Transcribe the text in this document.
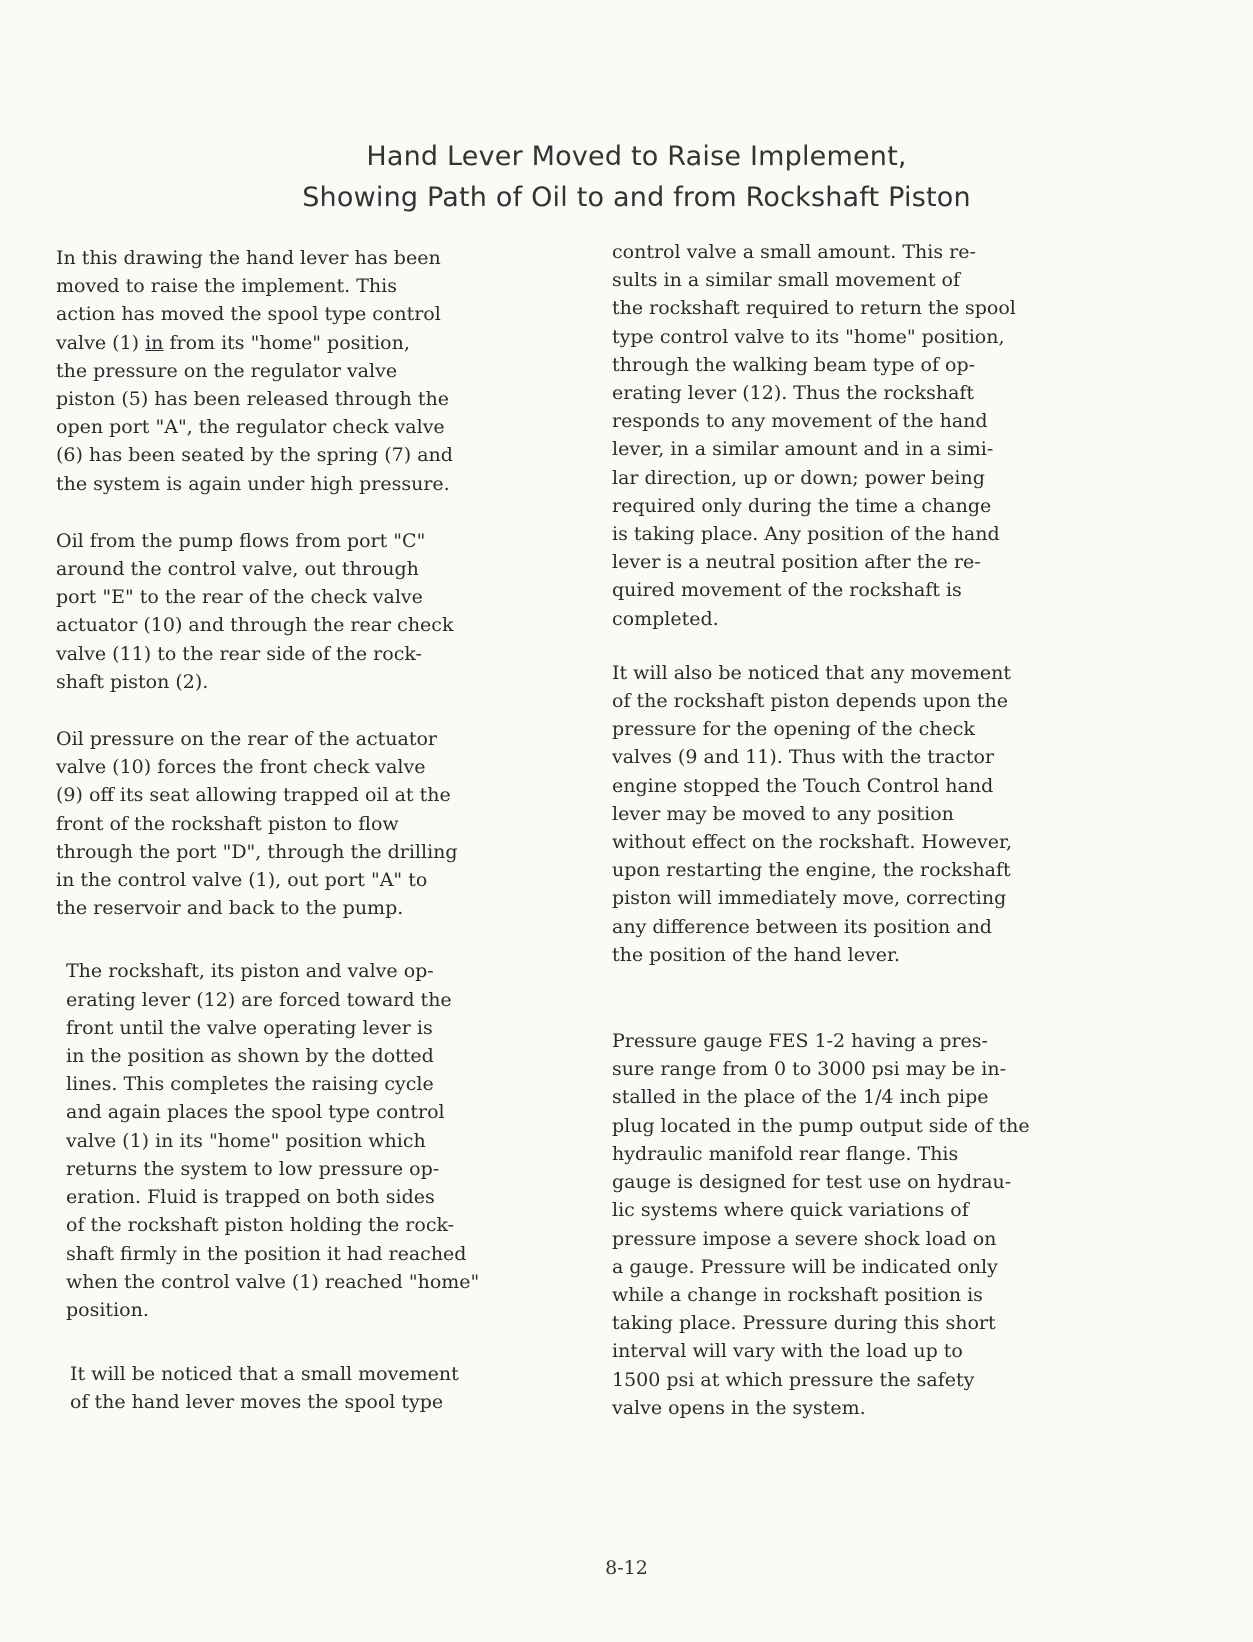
Hand Lever Moved to Raise Implement,
Showing Path of Oil to and from Rockshaft Piston

In this drawing the hand lever has been
moved to raise the implement. This
action has moved the spool type control
valve (1) in from its "home" position,
the pressure on the regulator valve
piston (5) has been released through the
open port "A", the regulator check valve
(6) has been seated by the spring (7) and
the system is again under high pressure.

Oil from the pump flows from port "C"
around the control valve, out through
port "E" to the rear of the check valve
actuator (10) and through the rear check
valve (11) to the rear side of the rock-
shaft piston (2).

Oil pressure on the rear of the actuator
valve (10) forces the front check valve
(9) off its seat allowing trapped oil at the
front of the rockshaft piston to flow
through the port "D", through the drilling
in the control valve (1), out port "A" to
the reservoir and back to the pump.

The rockshaft, its piston and valve op-
erating lever (12) are forced toward the
front until the valve operating lever is
in the position as shown by the dotted
lines. This completes the raising cycle
and again places the spool type control
valve (1) in its "home" position which
returns the system to low pressure op-
eration. Fluid is trapped on both sides
of the rockshaft piston holding the rock-
shaft firmly in the position it had reached
when the control valve (1) reached "home"
position.

It will be noticed that a small movement
of the hand lever moves the spool type

control valve a small amount. This re-
sults in a similar small movement of
the rockshaft required to return the spool
type control valve to its "home" position,
through the walking beam type of op-
erating lever (12). Thus the rockshaft
responds to any movement of the hand
lever, in a similar amount and in a simi-
lar direction, up or down; power being
required only during the time a change
is taking place. Any position of the hand
lever is a neutral position after the re-
quired movement of the rockshaft is
completed.

It will also be noticed that any movement
of the rockshaft piston depends upon the
pressure for the opening of the check
valves (9 and 11). Thus with the tractor
engine stopped the Touch Control hand
lever may be moved to any position
without effect on the rockshaft. However,
upon restarting the engine, the rockshaft
piston will immediately move, correcting
any difference between its position and
the position of the hand lever.

Pressure gauge FES 1-2 having a pres-
sure range from 0 to 3000 psi may be in-
stalled in the place of the 1/4 inch pipe
plug located in the pump output side of the
hydraulic manifold rear flange. This
gauge is designed for test use on hydrau-
lic systems where quick variations of
pressure impose a severe shock load on
a gauge. Pressure will be indicated only
while a change in rockshaft position is
taking place. Pressure during this short
interval will vary with the load up to
1500 psi at which pressure the safety
valve opens in the system.

8-12
